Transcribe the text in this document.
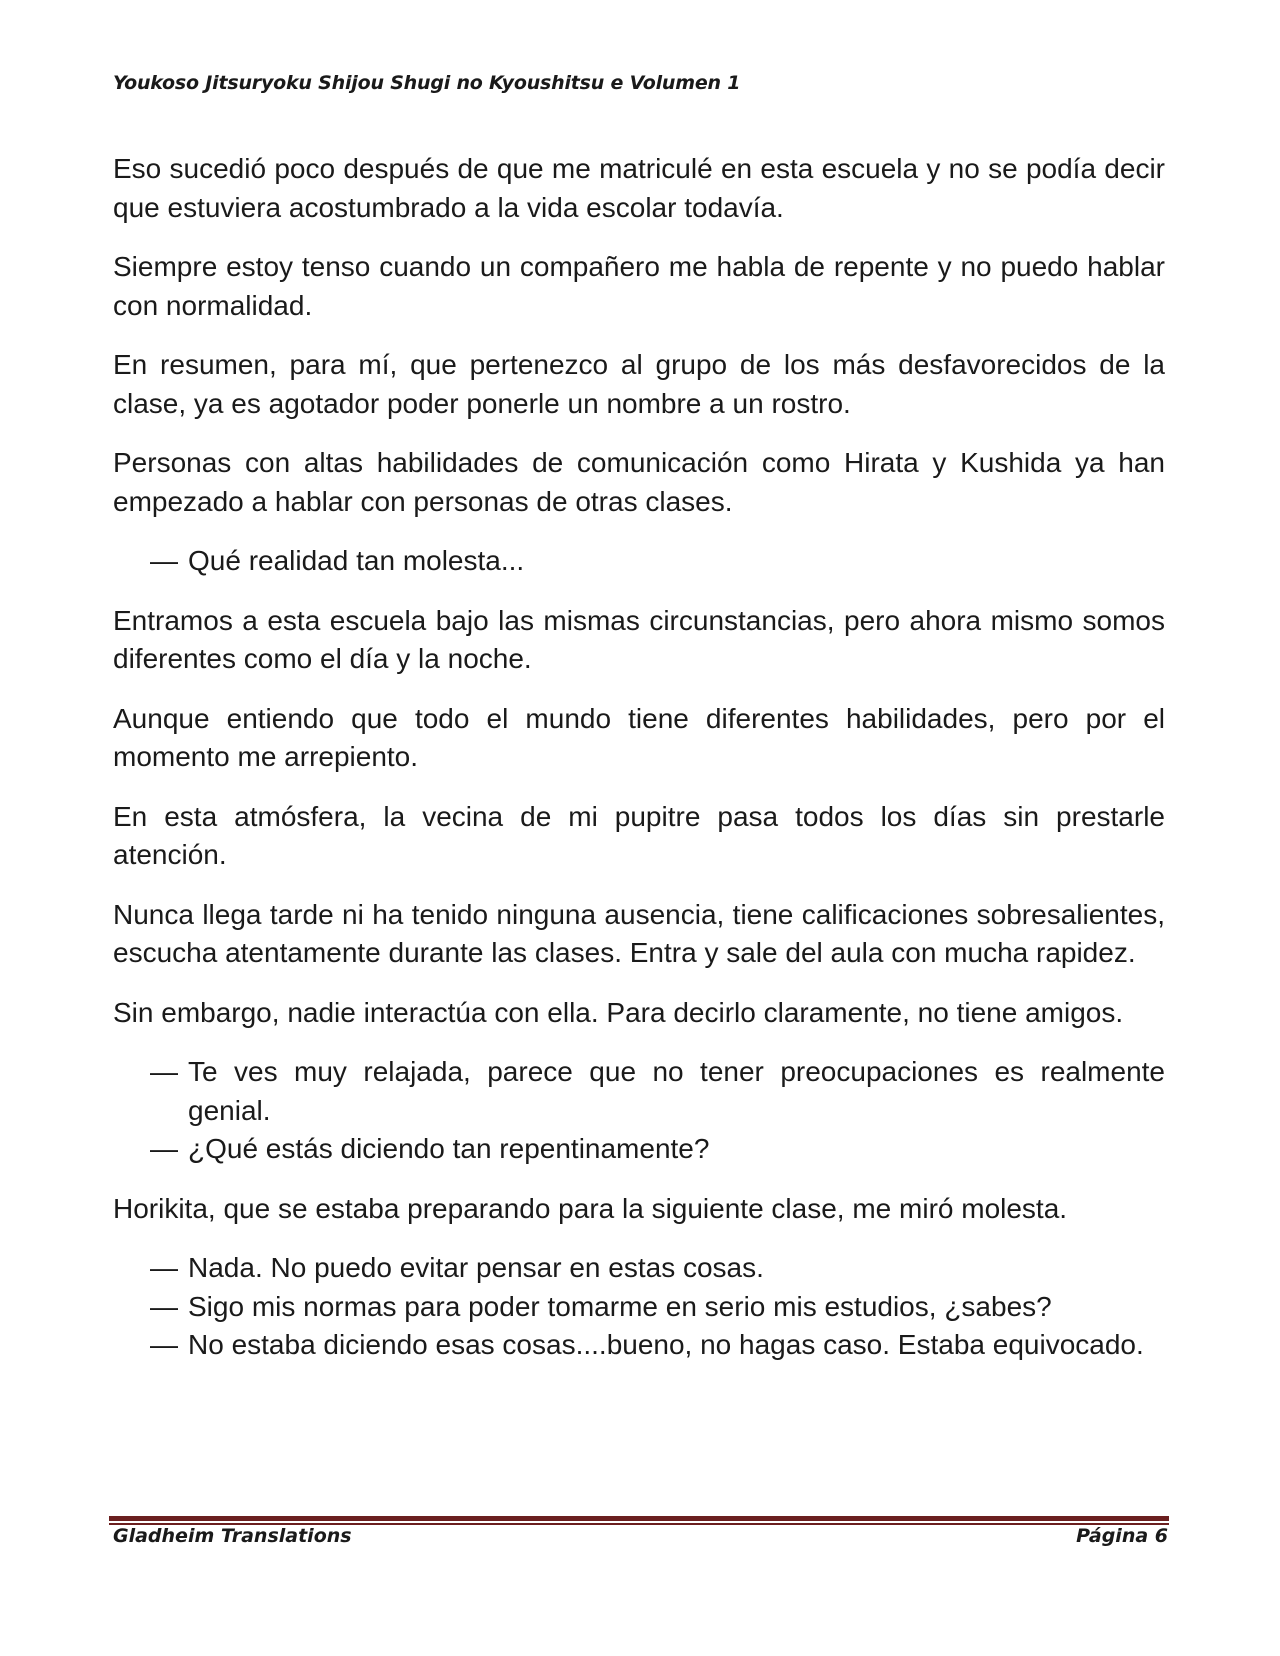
Youkoso Jitsuryoku Shijou Shugi no Kyoushitsu e Volumen 1

Eso sucedió poco después de que me matriculé en esta escuela y no se podía decir que estuviera acostumbrado a la vida escolar todavía.

Siempre estoy tenso cuando un compañero me habla de repente y no puedo hablar con normalidad.

En resumen, para mí, que pertenezco al grupo de los más desfavorecidos de la clase, ya es agotador poder ponerle un nombre a un rostro.

Personas con altas habilidades de comunicación como Hirata y Kushida ya han empezado a hablar con personas de otras clases.

— Qué realidad tan molesta...

Entramos a esta escuela bajo las mismas circunstancias, pero ahora mismo somos diferentes como el día y la noche.

Aunque entiendo que todo el mundo tiene diferentes habilidades, pero por el momento me arrepiento.

En esta atmósfera, la vecina de mi pupitre pasa todos los días sin prestarle atención.

Nunca llega tarde ni ha tenido ninguna ausencia, tiene calificaciones sobresalientes, escucha atentamente durante las clases. Entra y sale del aula con mucha rapidez.

Sin embargo, nadie interactúa con ella. Para decirlo claramente, no tiene amigos.

— Te ves muy relajada, parece que no tener preocupaciones es realmente genial.
— ¿Qué estás diciendo tan repentinamente?

Horikita, que se estaba preparando para la siguiente clase, me miró molesta.

— Nada. No puedo evitar pensar en estas cosas.
— Sigo mis normas para poder tomarme en serio mis estudios, ¿sabes?
— No estaba diciendo esas cosas....bueno, no hagas caso. Estaba equivocado.
Gladheim Translations	Página 6
